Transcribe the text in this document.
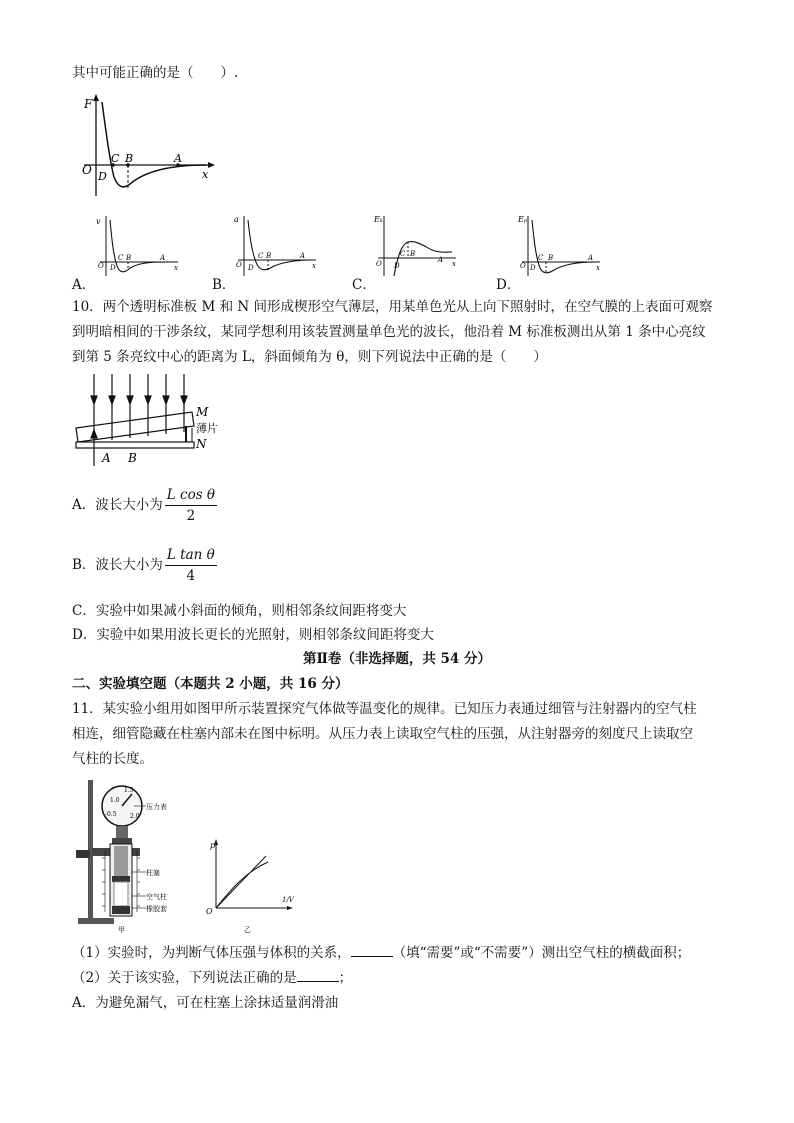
其中可能正确的是（　　）.
F
O
C B
D
A
x
A．
v
O
C B
D
A
x
B．
a
O
C B
D
A
x
C．
Eₖ
O
C B
D
A x
D．
Eₚ
O
C B
D
A
x
10．两个透明标准板 M 和 N 间形成楔形空气薄层，用某单色光从上向下照射时，在空气膜的上表面可观察
到明暗相间的干涉条纹，某同学想利用该装置测量单色光的波长，他沿着 M 标准板测出从第 1 条中心亮纹
到第 5 条亮纹中心的距离为 L，斜面倾角为 θ，则下列说法中正确的是（　　）
M
薄片
N
A B
A．波长大小为 $\frac{\text{L cos θ}}{2}$
B．波长大小为 $\frac{\text{L tan θ}}{4}$
C．实验中如果减小斜面的倾角，则相邻条纹间距将变大
D．实验中如果用波长更长的光照射，则相邻条纹间距将变大
第Ⅱ卷（非选择题，共 54 分）
二、实验填空题（本题共 2 小题，共 16 分）
11．某实验小组用如图甲所示装置探究气体做等温变化的规律。已知压力表通过细管与注射器内的空气柱
相连，细管隐藏在柱塞内部未在图中标明。从压力表上读取空气柱的压强，从注射器旁的刻度尺上读取空
气柱的长度。
1.0
1.5
-0.5 2.0
压力表
柱塞
空气柱
橡胶套
甲
p
O
1/V
乙
（1）实验时，为判断气体压强与体积的关系，	（填“需要”或“不需要”）测出空气柱的横截面积；
（2）关于该实验，下列说法正确的是	；
A．为避免漏气，可在柱塞上涂抹适量润滑油
